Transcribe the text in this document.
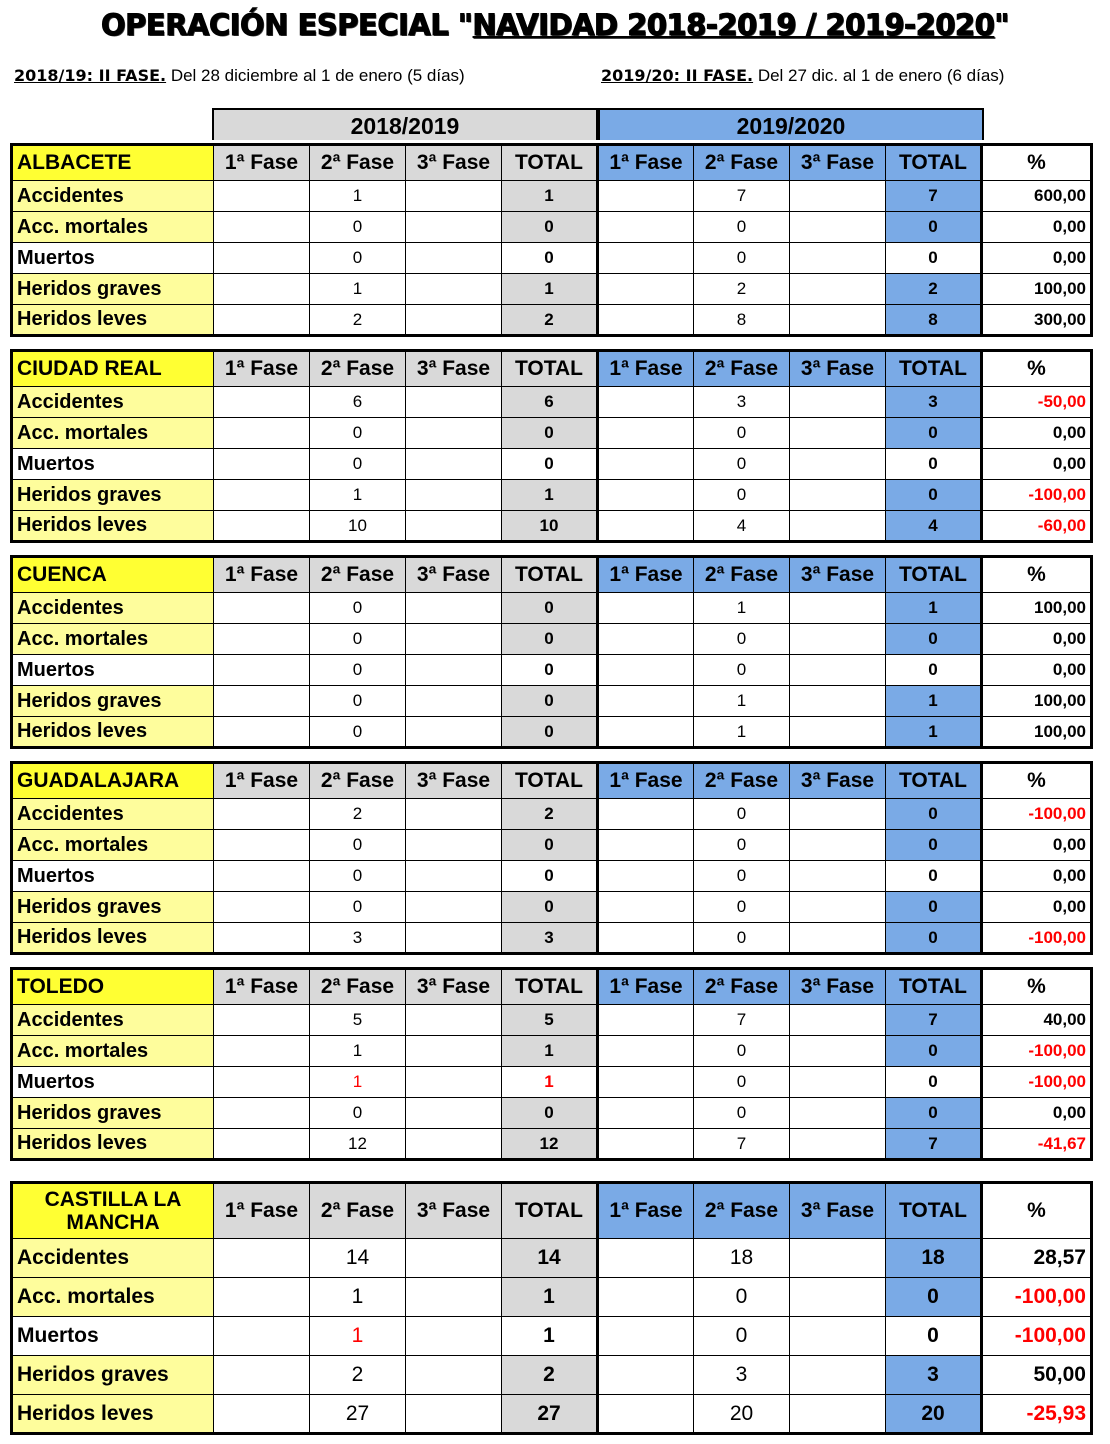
OPERACIÓN ESPECIAL "NAVIDAD 2018-2019 / 2019-2020"
2018/19: II FASE. Del 28 diciembre al 1 de enero (5 días)	2019/20: II FASE. Del 27 dic. al 1 de enero (6 días)
2018/2019	2019/2020
ALBACETE	1ª Fase	2ª Fase	3ª Fase	TOTAL	1ª Fase	2ª Fase	3ª Fase	TOTAL	%
Accidentes		1		1		7		7	600,00
Acc. mortales		0		0		0		0	0,00
Muertos		0		0		0		0	0,00
Heridos graves		1		1		2		2	100,00
Heridos leves		2		2		8		8	300,00
CIUDAD REAL	1ª Fase	2ª Fase	3ª Fase	TOTAL	1ª Fase	2ª Fase	3ª Fase	TOTAL	%
Accidentes		6		6		3		3	-50,00
Acc. mortales		0		0		0		0	0,00
Muertos		0		0		0		0	0,00
Heridos graves		1		1		0		0	-100,00
Heridos leves		10		10		4		4	-60,00
CUENCA	1ª Fase	2ª Fase	3ª Fase	TOTAL	1ª Fase	2ª Fase	3ª Fase	TOTAL	%
Accidentes		0		0		1		1	100,00
Acc. mortales		0		0		0		0	0,00
Muertos		0		0		0		0	0,00
Heridos graves		0		0		1		1	100,00
Heridos leves		0		0		1		1	100,00
GUADALAJARA	1ª Fase	2ª Fase	3ª Fase	TOTAL	1ª Fase	2ª Fase	3ª Fase	TOTAL	%
Accidentes		2		2		0		0	-100,00
Acc. mortales		0		0		0		0	0,00
Muertos		0		0		0		0	0,00
Heridos graves		0		0		0		0	0,00
Heridos leves		3		3		0		0	-100,00
TOLEDO	1ª Fase	2ª Fase	3ª Fase	TOTAL	1ª Fase	2ª Fase	3ª Fase	TOTAL	%
Accidentes		5		5		7		7	40,00
Acc. mortales		1		1		0		0	-100,00
Muertos		1		1		0		0	-100,00
Heridos graves		0		0		0		0	0,00
Heridos leves		12		12		7		7	-41,67
CASTILLA LA MANCHA	1ª Fase	2ª Fase	3ª Fase	TOTAL	1ª Fase	2ª Fase	3ª Fase	TOTAL	%
Accidentes		14		14		18		18	28,57
Acc. mortales		1		1		0		0	-100,00
Muertos		1		1		0		0	-100,00
Heridos graves		2		2		3		3	50,00
Heridos leves		27		27		20		20	-25,93
